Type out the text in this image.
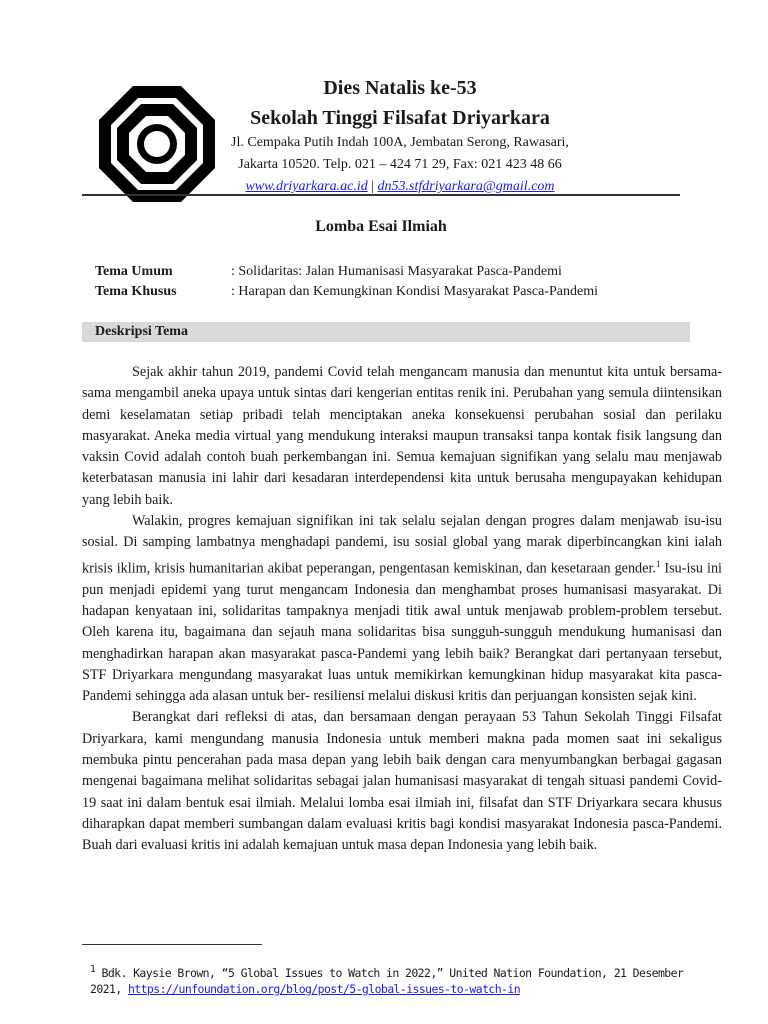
Dies Natalis ke-53
Sekolah Tinggi Filsafat Driyarkara
Jl. Cempaka Putih Indah 100A, Jembatan Serong, Rawasari,
Jakarta 10520. Telp. 021 – 424 71 29, Fax: 021 423 48 66
www.driyarkara.ac.id | dn53.stfdriyarkara@gmail.com
Lomba Esai Ilmiah
Tema Umum	: Solidaritas: Jalan Humanisasi Masyarakat Pasca-Pandemi
Tema Khusus	: Harapan dan Kemungkinan Kondisi Masyarakat Pasca-Pandemi
Deskripsi Tema

Sejak akhir tahun 2019, pandemi Covid telah mengancam manusia dan menuntut kita untuk bersama-sama mengambil aneka upaya untuk sintas dari kengerian entitas renik ini. Perubahan yang semula diintensikan demi keselamatan setiap pribadi telah menciptakan aneka konsekuensi perubahan sosial dan perilaku masyarakat. Aneka media virtual yang mendukung interaksi maupun transaksi tanpa kontak fisik langsung dan vaksin Covid adalah contoh buah perkembangan ini. Semua kemajuan signifikan yang selalu mau menjawab keterbatasan manusia ini lahir dari kesadaran interdependensi kita untuk berusaha mengupayakan kehidupan yang lebih baik.

Walakin, progres kemajuan signifikan ini tak selalu sejalan dengan progres dalam menjawab isu-isu sosial. Di samping lambatnya menghadapi pandemi, isu sosial global yang marak diperbincangkan kini ialah krisis iklim, krisis humanitarian akibat peperangan, pengentasan kemiskinan, dan kesetaraan gender.$^1$ Isu-isu ini pun menjadi epidemi yang turut mengancam Indonesia dan menghambat proses humanisasi masyarakat. Di hadapan kenyataan ini, solidaritas tampaknya menjadi titik awal untuk menjawab problem-problem tersebut. Oleh karena itu, bagaimana dan sejauh mana solidaritas bisa sungguh-sungguh mendukung humanisasi dan menghadirkan harapan akan masyarakat pasca-Pandemi yang lebih baik? Berangkat dari pertanyaan tersebut, STF Driyarkara mengundang masyarakat luas untuk memikirkan kemungkinan hidup masyarakat kita pasca-Pandemi sehingga ada alasan untuk ber- resiliensi melalui diskusi kritis dan perjuangan konsisten sejak kini.

Berangkat dari refleksi di atas, dan bersamaan dengan perayaan 53 Tahun Sekolah Tinggi Filsafat Driyarkara, kami mengundang manusia Indonesia untuk memberi makna pada momen saat ini sekaligus membuka pintu pencerahan pada masa depan yang lebih baik dengan cara menyumbangkan berbagai gagasan mengenai bagaimana melihat solidaritas sebagai jalan humanisasi masyarakat di tengah situasi pandemi Covid-19 saat ini dalam bentuk esai ilmiah. Melalui lomba esai ilmiah ini, filsafat dan STF Driyarkara secara khusus diharapkan dapat memberi sumbangan dalam evaluasi kritis bagi kondisi masyarakat Indonesia pasca-Pandemi. Buah dari evaluasi kritis ini adalah kemajuan untuk masa depan Indonesia yang lebih baik.

$^1$ Bdk. Kaysie Brown, “5 Global Issues to Watch in 2022,” United Nation Foundation, 21 Desember 2021, https://unfoundation.org/blog/post/5-global-issues-to-watch-in
